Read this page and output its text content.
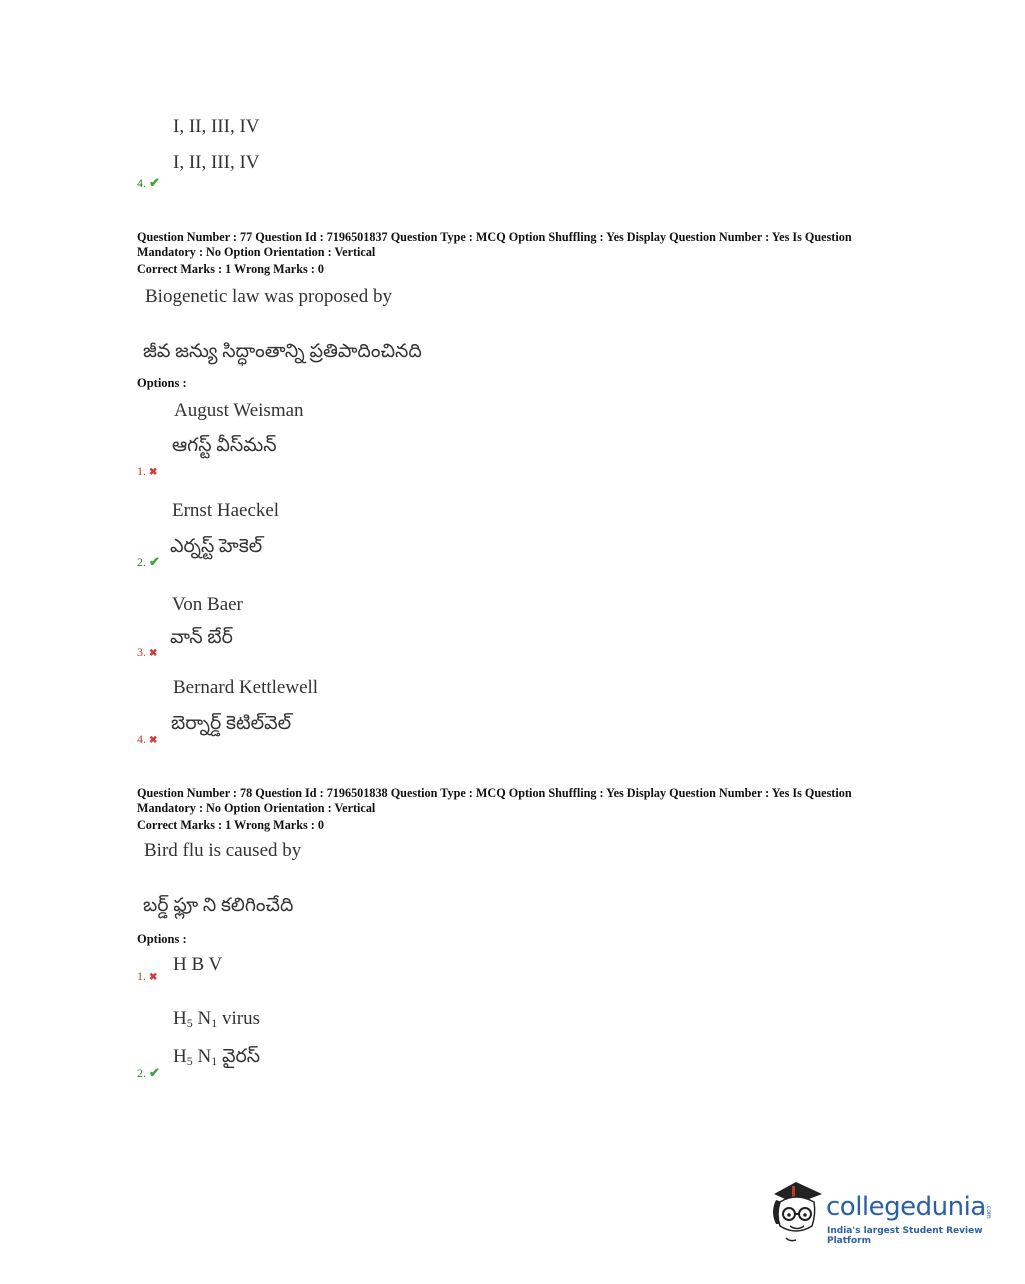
I, II, III, IV
I, II, III, IV
4. ✔
Question Number : 77 Question Id : 7196501837 Question Type : MCQ Option Shuffling : Yes Display Question Number : Yes Is Question
Mandatory : No Option Orientation : Vertical
Correct Marks : 1 Wrong Marks : 0
Biogenetic law was proposed by
జీవ జన్యు సిద్ధాంతాన్ని ప్రతిపాదించినది
Options :
August Weisman
ఆగస్ట్ వీస్‌మన్
1. ✖
Ernst Haeckel
ఎర్నస్ట్ హెకెల్
2. ✔
Von Baer
వాన్ బేర్
3. ✖
Bernard Kettlewell
బెర్నార్డ్ కెటిల్‌వెల్
4. ✖
Question Number : 78 Question Id : 7196501838 Question Type : MCQ Option Shuffling : Yes Display Question Number : Yes Is Question
Mandatory : No Option Orientation : Vertical
Correct Marks : 1 Wrong Marks : 0
Bird flu is caused by
బర్డ్ ఫ్లూ ని కలిగించేది
Options :
H B V
1. ✖
$H_5$ $N_1$ virus
$H_5$ $N_1$ వైరస్
2. ✔
collegedunia .com
India's largest Student Review Platform
